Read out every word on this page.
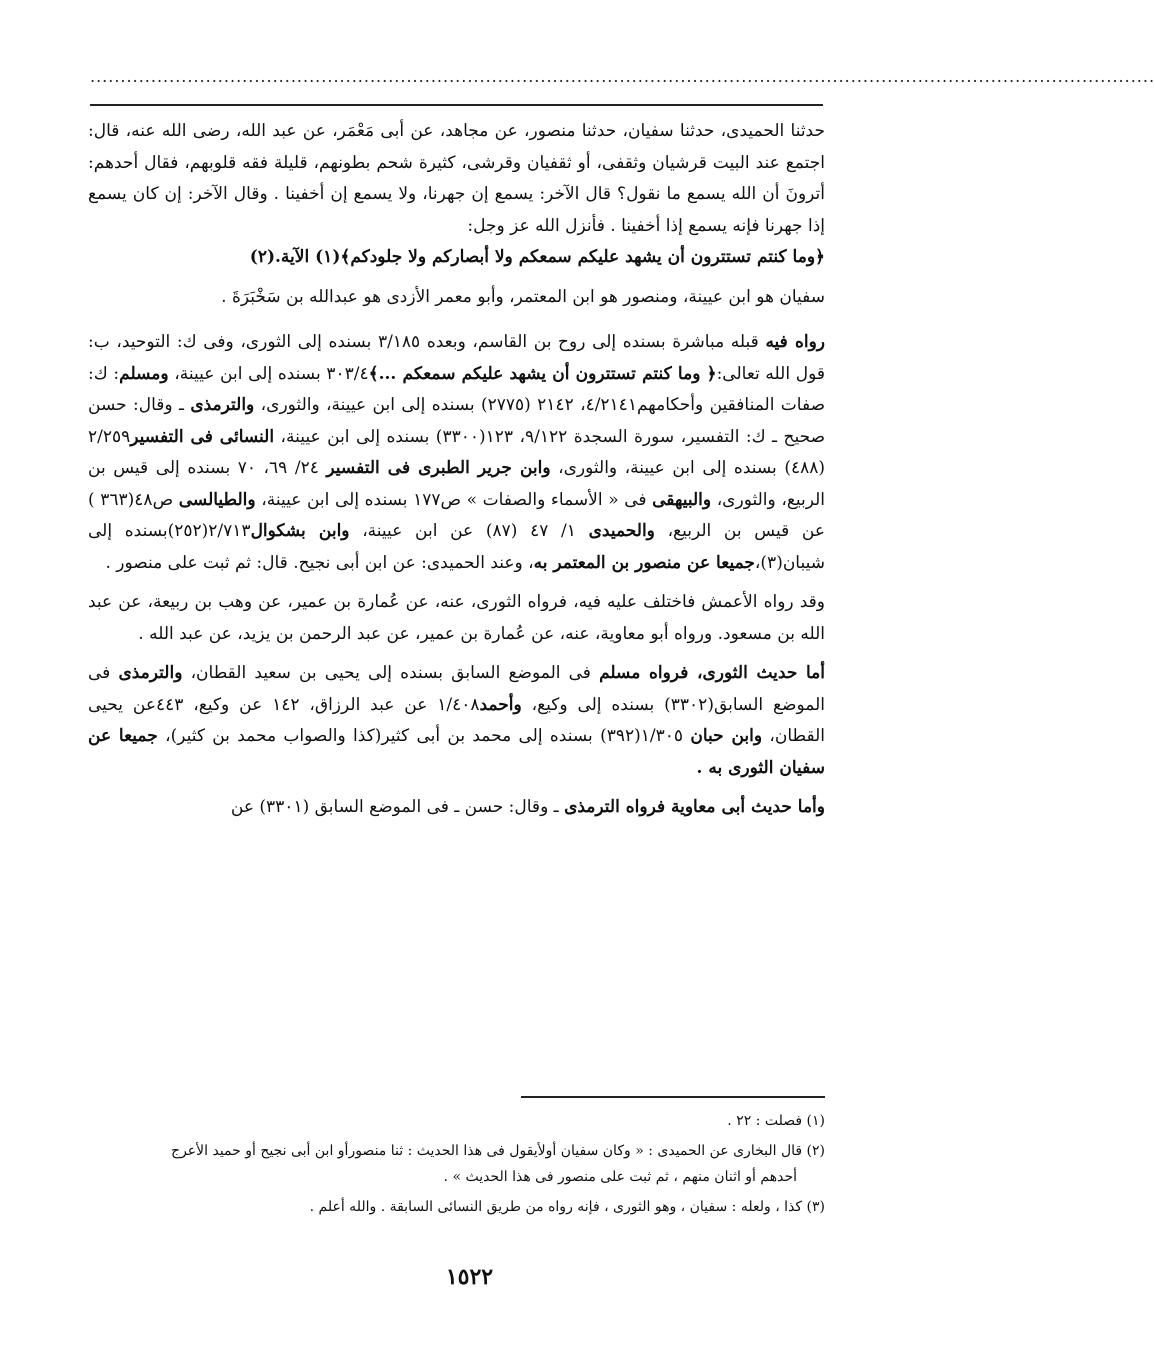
...............................................................................................................................................................................

حدثنا الحميدى، حدثنا سفيان، حدثنا منصور، عن مجاهد، عن أبى مَعْمَر، عن عبد الله، رضى الله عنه، قال: اجتمع عند البيت قرشيان وثقفى، أو ثقفيان وقرشى، كثيرة شحم بطونهم، قليلة فقه قلوبهم، فقال أحدهم: أترونَ أن الله يسمع ما نقول؟ قال الآخر: يسمع إن جهرنا، ولا يسمع إن أخفينا . وقال الآخر: إن كان يسمع إذا جهرنا فإنه يسمع إذا أخفينا . فأنزل الله عز وجل:

﴿وما كنتم تستترون أن يشهد عليكم سمعكم ولا أبصاركم ولا جلودكم﴾(١) الآية.(٢)

سفيان هو ابن عيينة، ومنصور هو ابن المعتمر، وأبو معمر الأزدى هو عبدالله بن سَخْبَرَةَ .

رواه فيه قبله مباشرة بسنده إلى روح بن القاسم، وبعده ٣/١٨٥ بسنده إلى الثورى، وفى ك: التوحيد، ب: قول الله تعالى:﴿ وما كنتم تستترون أن يشهد عليكم سمعكم ...﴾٣٠٣/٤ بسنده إلى ابن عيينة، ومسلم: ك: صفات المنافقين وأحكامهم٤/٢١٤١، ٢١٤٢ (٢٧٧٥) بسنده إلى ابن عيينة، والثورى، والترمذى ـ وقال: حسن صحيح ـ ك: التفسير، سورة السجدة ٩/١٢٢، ١٢٣(٣٣٠٠) بسنده إلى ابن عيينة، النسائى فى التفسير٢/٢٥٩ (٤٨٨) بسنده إلى ابن عيينة، والثورى، وابن جرير الطبرى فى التفسير ٢٤/ ٦٩، ٧٠ بسنده إلى قيس بن الربيع، والثورى، والبيهقى فى « الأسماء والصفات » ص١٧٧ بسنده إلى ابن عيينة، والطيالسى ص٤٨(٣٦٣ ) عن قيس بن الربيع، والحميدى ١/ ٤٧ (٨٧) عن ابن عيينة، وابن بشكوال٢/٧١٣(٢٥٢)بسنده إلى شيبان(٣)،جميعا عن منصور بن المعتمر به، وعند الحميدى: عن ابن أبى نجيح. قال: ثم ثبت على منصور .

وقد رواه الأعمش فاختلف عليه فيه، فرواه الثورى، عنه، عن عُمارة بن عمير، عن وهب بن ربيعة، عن عبد الله بن مسعود. ورواه أبو معاوية، عنه، عن عُمارة بن عمير، عن عبد الرحمن بن يزيد، عن عبد الله .

أما حديث الثورى، فرواه مسلم فى الموضع السابق بسنده إلى يحيى بن سعيد القطان، والترمذى فى الموضع السابق(٣٣٠٢) بسنده إلى وكيع، وأحمد١/٤٠٨ عن عبد الرزاق، ١٤٢ عن وكيع، ٤٤٣عن يحيى القطان، وابن حبان ١/٣٠٥(٣٩٢) بسنده إلى محمد بن أبى كثير(كذا والصواب محمد بن كثير)، جميعا عن سفيان الثورى به .

وأما حديث أبى معاوية فرواه الترمذى ـ وقال: حسن ـ فى الموضع السابق (٣٣٠١) عن

(١) فصلت : ٢٢ .
(٢) قال البخارى عن الحميدى : « وكان سفيان أولأيقول فى هذا الحديث : ثنا منصورأو ابن أبى نجيح أو حميد الأعرج
أحدهم أو اثنان منهم ، ثم ثبت على منصور فى هذا الحديث » .
(٣) كذا ، ولعله : سفيان ، وهو الثورى ، فإنه رواه من طريق النسائى السابقة . والله أعلم .
١٥٢٢
